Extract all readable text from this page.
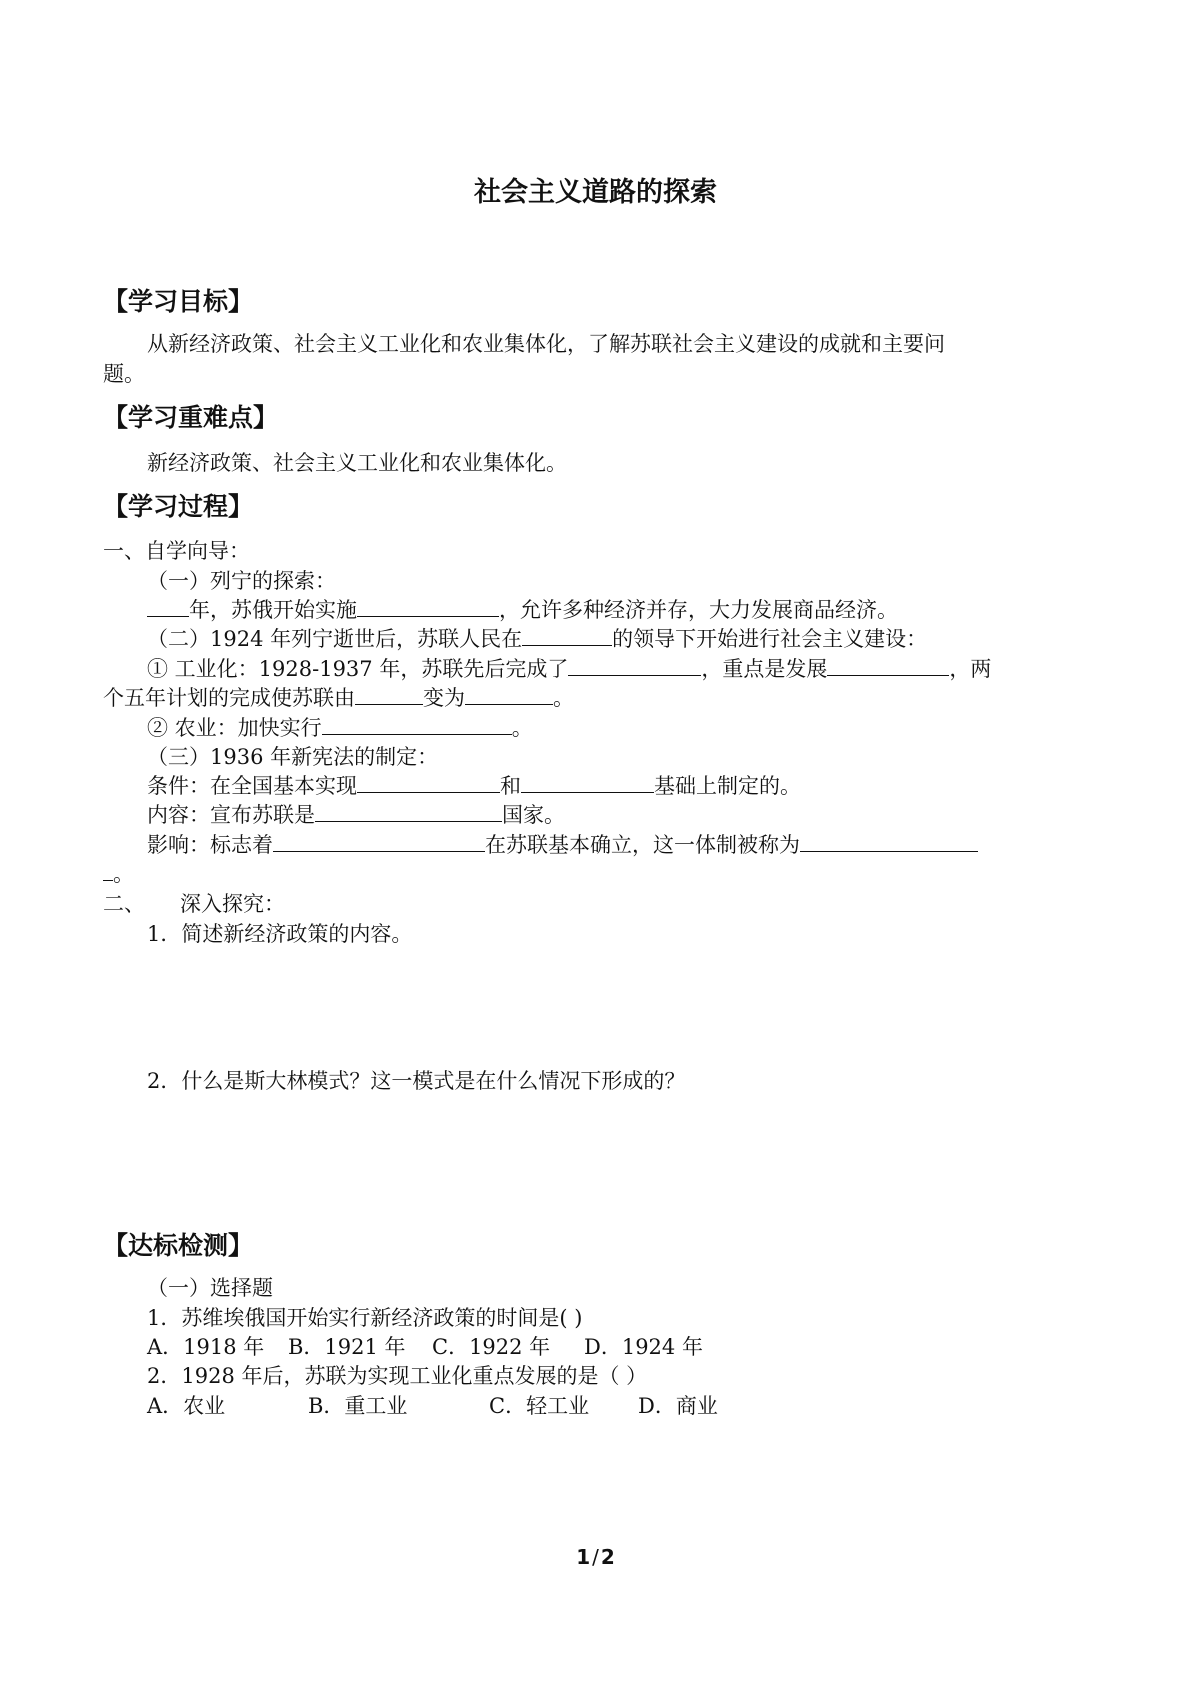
社会主义道路的探索
【学习目标】
从新经济政策、社会主义工业化和农业集体化，了解苏联社会主义建设的成就和主要问
题。
【学习重难点】
新经济政策、社会主义工业化和农业集体化。
【学习过程】
一、自学向导：
（一）列宁的探索：
年，苏俄开始实施	，允许多种经济并存，大力发展商品经济。
（二）1924 年列宁逝世后，苏联人民在	的领导下开始进行社会主义建设：
① 工业化：1928-1937 年，苏联先后完成了	，重点是发展	，两
个五年计划的完成使苏联由	变为	。
② 农业：加快实行	。
（三）1936 年新宪法的制定：
条件：在全国基本实现	和	基础上制定的。
内容：宣布苏联是	国家。
影响：标志着	在苏联基本确立，这一体制被称为
。
二、 深入探究：
1．简述新经济政策的内容。
2．什么是斯大林模式？这一模式是在什么情况下形成的？
【达标检测】
（一）选择题
1．苏维埃俄国开始实行新经济政策的时间是( )
A．1918 年 B．1921 年 C．1922 年 D．1924 年
2．1928 年后，苏联为实现工业化重点发展的是（ ）
A．农业	B．重工业	C．轻工业 D．商业
1 / 2
